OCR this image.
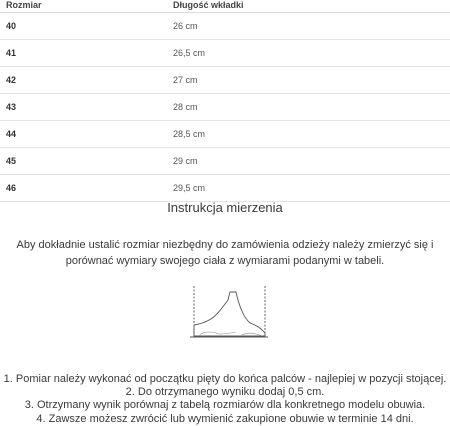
Rozmiar	Długość wkładki
40	26 cm
41	26,5 cm
42	27 cm
43	28 cm
44	28,5 cm
45	29 cm
46	29,5 cm
Instrukcja mierzenia
Aby dokładnie ustalić rozmiar niezbędny do zamówienia odzieży należy zmierzyć się i
porównać wymiary swojego ciała z wymiarami podanymi w tabeli.
1. Pomiar należy wykonać od początku pięty do końca palców - najlepiej w pozycji stojącej.
2. Do otrzymanego wyniku dodaj 0,5 cm.
3. Otrzymany wynik porównaj z tabelą rozmiarów dla konkretnego modelu obuwia.
4. Zawsze możesz zwrócić lub wymienić zakupione obuwie w terminie 14 dni.
